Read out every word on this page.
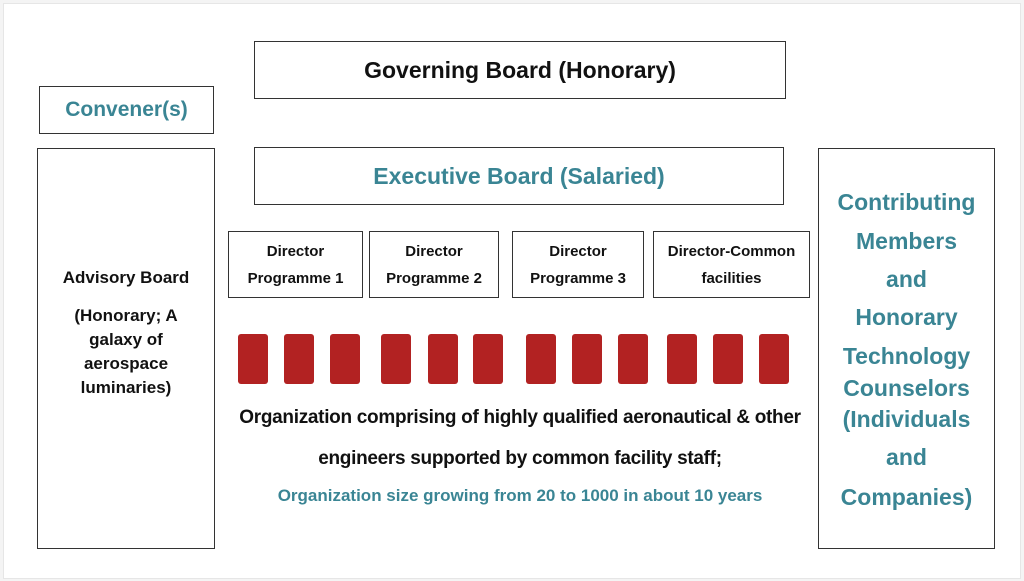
Governing Board (Honorary)
Convener(s)
Executive Board (Salaried)
Advisory Board
(Honorary; A
galaxy of
aerospace
luminaries)
Director
Programme 1
Director
Programme 2
Director
Programme 3
Director-Common
facilities
Organization comprising of highly qualified aeronautical & other
engineers supported by common facility staff;
Organization size growing from 20 to 1000 in about 10 years
Contributing
Members
and
Honorary
Technology
Counselors
(Individuals
and
Companies)
